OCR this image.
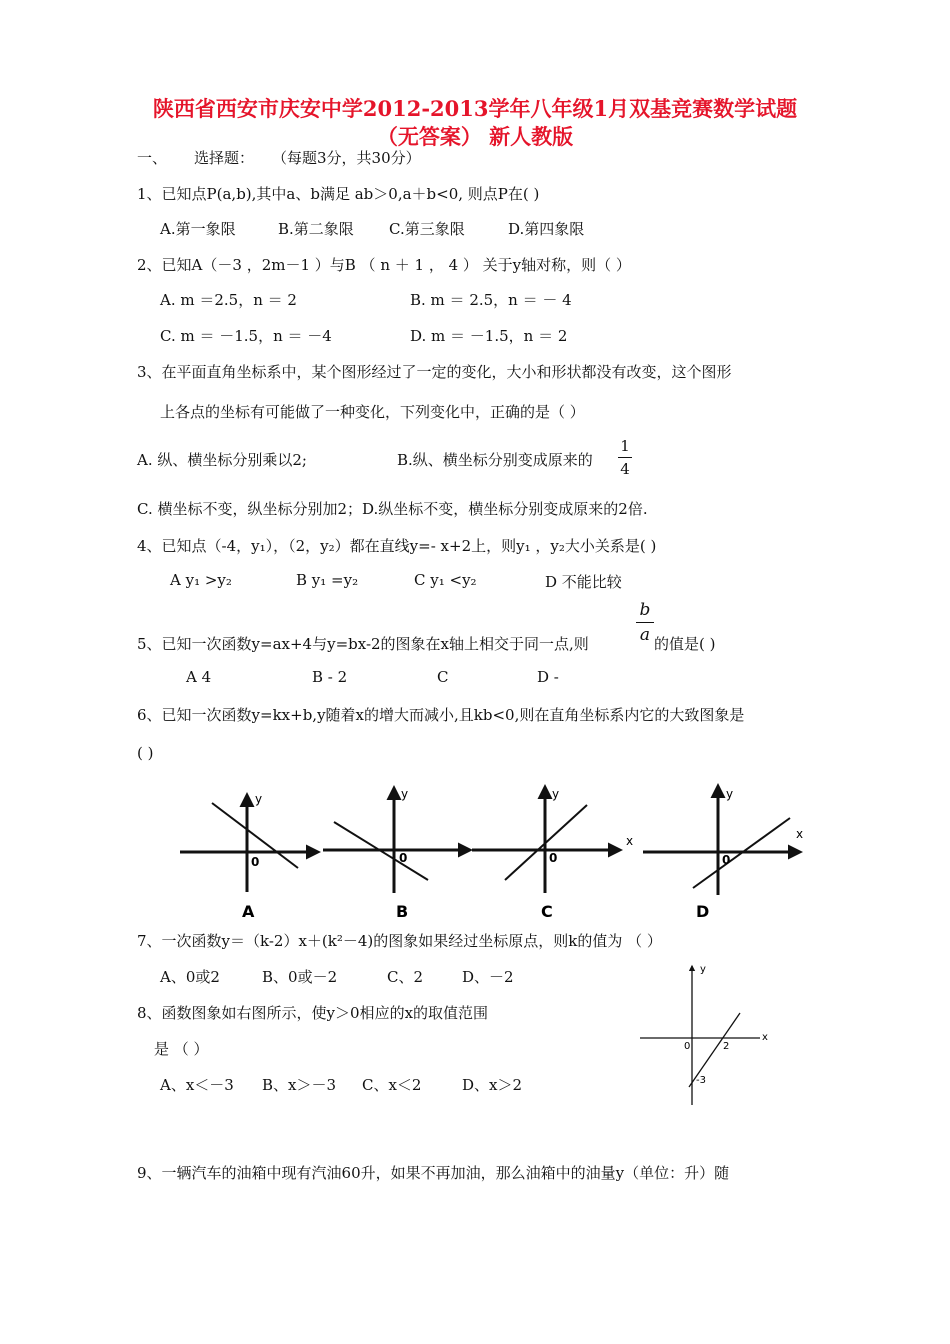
陕西省西安市庆安中学2012-2013学年八年级1月双基竞赛数学试题
（无答案） 新人教版
一、 选择题： （每题3分，共30分）
1、已知点P(a,b),其中a、b满足 ab＞0,a＋b<0, 则点P在( )
A.第一象限	B.第二象限 C.第三象限	D.第四象限
2、已知A（－3 ，2m－1 ）与B （ n ＋ 1 ， 4 ） 关于y轴对称，则（ ）
A. m ＝2.5，n ＝ 2	B. m ＝ 2.5，n ＝ － 4
C. m ＝ －1.5，n ＝ －4	D. m ＝ －1.5，n ＝ 2
3、在平面直角坐标系中，某个图形经过了一定的变化，大小和形状都没有改变，这个图形
上各点的坐标有可能做了一种变化，下列变化中，正确的是（ ）
A. 纵、横坐标分别乘以2;	B.纵、横坐标分别变成原来的
1
4
C. 横坐标不变，纵坐标分别加2；D.纵坐标不变，横坐标分别变成原来的2倍.
4、已知点（-4，y₁），（2，y₂）都在直线y=- x+2上，则y₁ ，y₂大小关系是( )
A y₁ >y₂	B y₁ =y₂	C y₁ <y₂	D 不能比较
5、已知一次函数y=ax+4与y=bx-2的图象在x轴上相交于同一点,则
b
a 的值是( )
A 4	B - 2	C	D -
6、已知一次函数y=kx+b,y随着x的增大而减小,且kb<0,则在直角坐标系内它的大致图象是
( )
y
0
A
y
0
B
y
x
0
C
y
x
0
D
y
x
0	2
-3
7、一次函数y＝（k-2）x＋(k²－4)的图象如果经过坐标原点，则k的值为 （ ）
A、0或2	B、0或－2	C、2	D、－2
8、函数图象如右图所示，使y＞0相应的x的取值范围
是 （ ）
A、x＜－3 B、x＞－3 C、x＜2	D、x＞2
9、一辆汽车的油箱中现有汽油60升，如果不再加油，那么油箱中的油量y（单位：升）随
